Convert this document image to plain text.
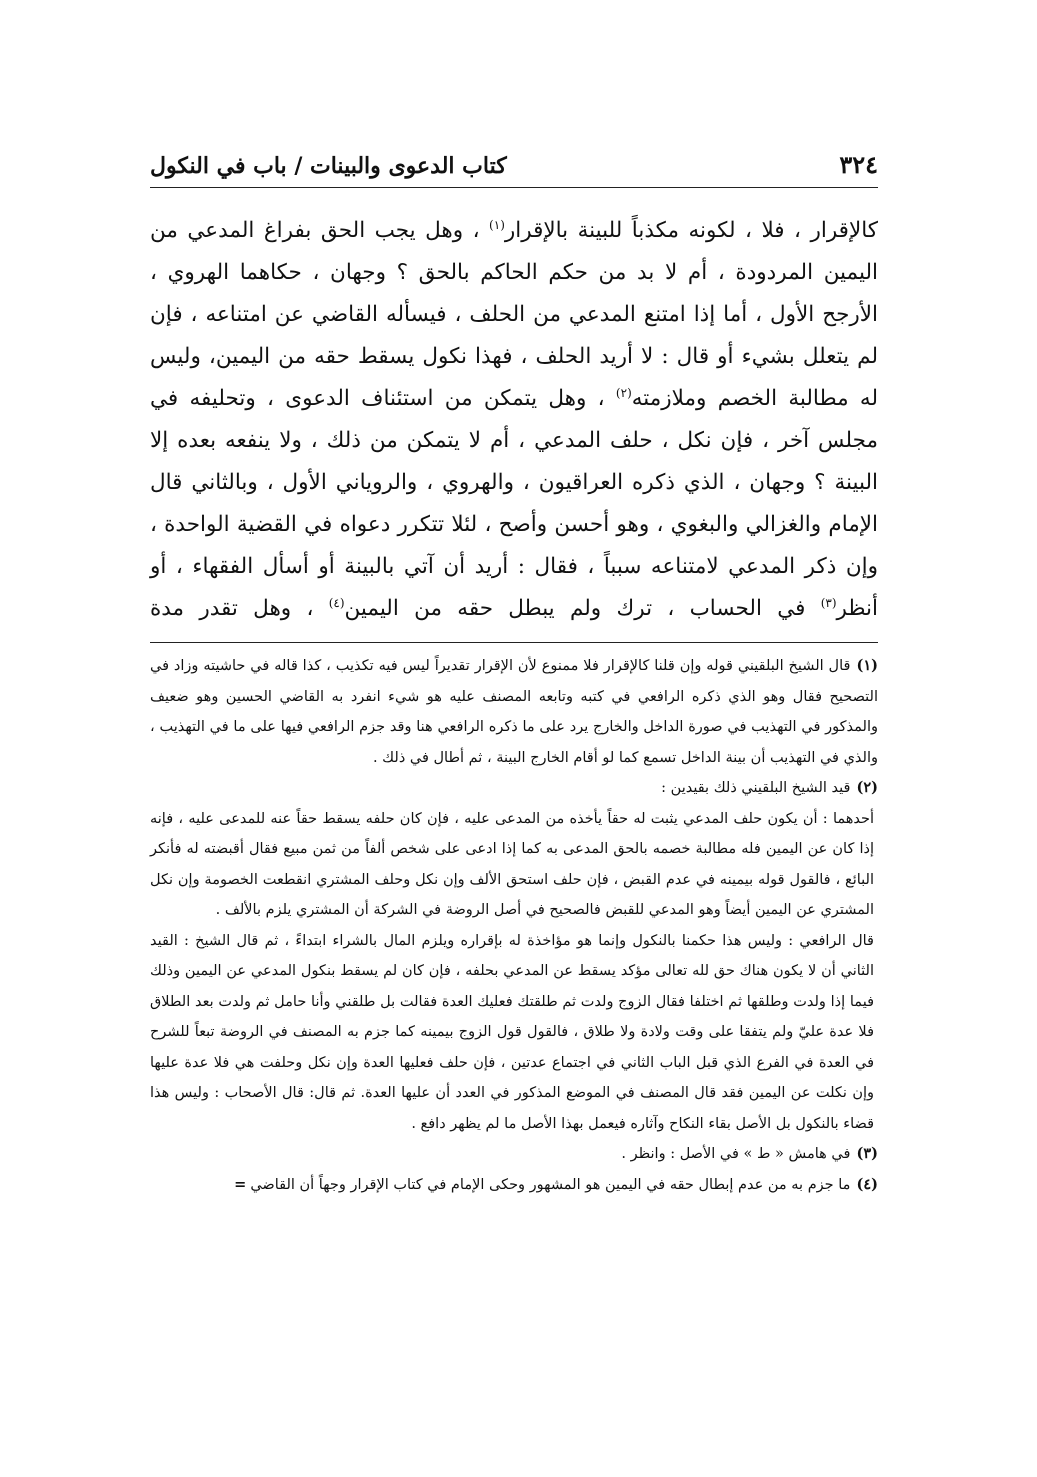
٣٢٤
كتاب الدعوى والبينات / باب في النكول

كالإقرار ، فلا ، لكونه مكذباً للبينة بالإقرار$^{(١)}$ ، وهل يجب الحق بفراغ المدعي من اليمين المردودة ، أم لا بد من حكم الحاكم بالحق ؟ وجهان ، حكاهما الهروي ، الأرجح الأول ، أما إذا امتنع المدعي من الحلف ، فيسأله القاضي عن امتناعه ، فإن لم يتعلل بشيء أو قال : لا أريد الحلف ، فهذا نكول يسقط حقه من اليمين، وليس له مطالبة الخصم وملازمته$^{(٢)}$ ، وهل يتمكن من استئناف الدعوى ، وتحليفه في مجلس آخر ، فإن نكل ، حلف المدعي ، أم لا يتمكن من ذلك ، ولا ينفعه بعده إلا البينة ؟ وجهان ، الذي ذكره العراقيون ، والهروي ، والروياني الأول ، وبالثاني قال الإمام والغزالي والبغوي ، وهو أحسن وأصح ، لئلا تتكرر دعواه في القضية الواحدة ، وإن ذكر المدعي لامتناعه سبباً ، فقال : أريد أن آتي بالبينة أو أسأل الفقهاء ، أو أنظر$^{(٣)}$ في الحساب ، ترك ولم يبطل حقه من اليمين$^{(٤)}$ ، وهل تقدر مدة

(١)قال الشيخ البلقيني قوله وإن قلنا كالإقرار فلا ممنوع لأن الإقرار تقديراً ليس فيه تكذيب ، كذا قاله في حاشيته وزاد في التصحيح فقال وهو الذي ذكره الرافعي في كتبه وتابعه المصنف عليه هو شيء انفرد به القاضي الحسين وهو ضعيف والمذكور في التهذيب في صورة الداخل والخارج يرد على ما ذكره الرافعي هنا وقد جزم الرافعي فيها على ما في التهذيب ، والذي في التهذيب أن بينة الداخل تسمع كما لو أقام الخارج البينة ، ثم أطال في ذلك .

(٢)قيد الشيخ البلقيني ذلك بقيدين :

أحدهما : أن يكون حلف المدعي يثبت له حقاً يأخذه من المدعى عليه ، فإن كان حلفه يسقط حقاً عنه للمدعى عليه ، فإنه إذا كان عن اليمين فله مطالبة خصمه بالحق المدعى به كما إذا ادعى على شخص ألفاً من ثمن مبيع فقال أقبضته له فأنكر البائع ، فالقول قوله بيمينه في عدم القبض ، فإن حلف استحق الألف وإن نكل وحلف المشتري انقطعت الخصومة وإن نكل المشتري عن اليمين أيضاً وهو المدعي للقبض فالصحيح في أصل الروضة في الشركة أن المشتري يلزم بالألف .

قال الرافعي : وليس هذا حكمنا بالنكول وإنما هو مؤاخذة له بإقراره ويلزم المال بالشراء ابتداءً ، ثم قال الشيخ : القيد الثاني أن لا يكون هناك حق لله تعالى مؤكد يسقط عن المدعي بحلفه ، فإن كان لم يسقط بنكول المدعي عن اليمين وذلك فيما إذا ولدت وطلقها ثم اختلفا فقال الزوج ولدت ثم طلقتك فعليك العدة فقالت بل طلقني وأنا حامل ثم ولدت بعد الطلاق فلا عدة عليّ ولم يتفقا على وقت ولادة ولا طلاق ، فالقول قول الزوج بيمينه كما جزم به المصنف في الروضة تبعاً للشرح في العدة في الفرع الذي قبل الباب الثاني في اجتماع عدتين ، فإن حلف فعليها العدة وإن نكل وحلفت هي فلا عدة عليها وإن نكلت عن اليمين فقد قال المصنف في الموضع المذكور في العدد أن عليها العدة. ثم قال: قال الأصحاب : وليس هذا قضاء بالنكول بل الأصل بقاء النكاح وآثاره فيعمل بهذا الأصل ما لم يظهر دافع .

(٣)في هامش « ط » في الأصل : وانظر .

(٤)ما جزم به من عدم إبطال حقه في اليمين هو المشهور وحكى الإمام في كتاب الإقرار وجهاً أن القاضي=
